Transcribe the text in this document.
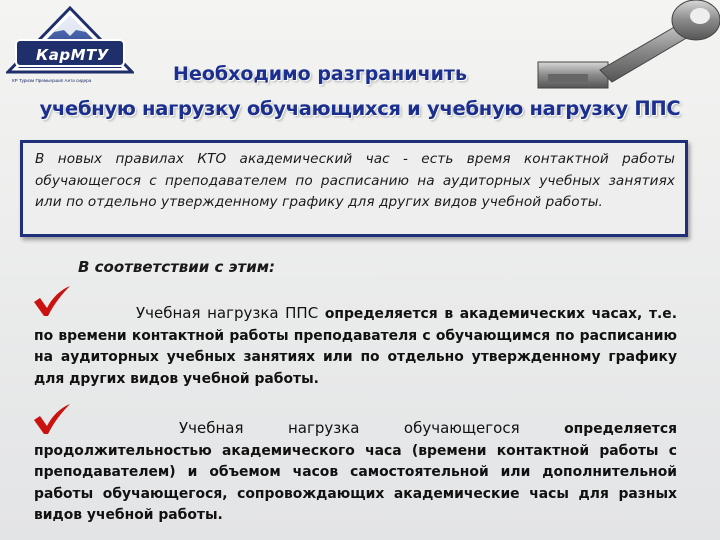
КарМТУ
КР Туризм Премьершип Анта сидера	Необходимо разграничить
учебную нагрузку обучающихся и учебную нагрузку ППС
В новых правилах КТО академический час - есть время контактной работы обучающегося с преподавателем по расписанию на аудиторных учебных занятиях или по отдельно утвержденному графику для других видов учебной работы.
В соответствии с этим:
Учебная нагрузка ППС определяется в академических часах, т.е. по времени контактной работы преподавателя с обучающимся по расписанию на аудиторных учебных занятиях или по отдельно утвержденному графику для других видов учебной работы.
Учебная нагрузка обучающегося определяется продолжительностью академического часа (времени контактной работы с преподавателем) и объемом часов самостоятельной или дополнительной работы обучающегося, сопровождающих академические часы для разных видов учебной работы.
